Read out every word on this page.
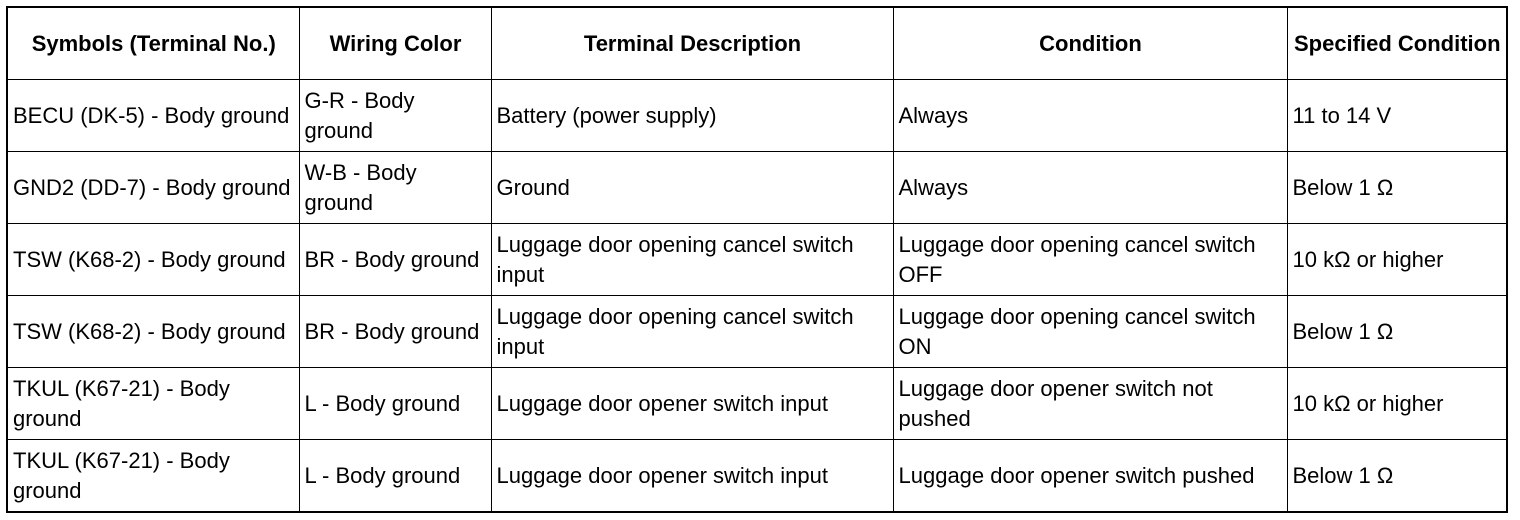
Symbols (Terminal No.)	Wiring Color	Terminal Description	Condition	Specified Condition
BECU (DK-5) - Body ground	G-R - Body ground	Battery (power supply)	Always	11 to 14 V
GND2 (DD-7) - Body ground	W-B - Body ground	Ground	Always	Below 1 Ω
TSW (K68-2) - Body ground	BR - Body ground	Luggage door opening cancel switch input	Luggage door opening cancel switch OFF	10 kΩ or higher
TSW (K68-2) - Body ground	BR - Body ground	Luggage door opening cancel switch input	Luggage door opening cancel switch ON	Below 1 Ω
TKUL (K67-21) - Body ground	L - Body ground	Luggage door opener switch input	Luggage door opener switch not pushed	10 kΩ or higher
TKUL (K67-21) - Body ground	L - Body ground	Luggage door opener switch input	Luggage door opener switch pushed	Below 1 Ω
